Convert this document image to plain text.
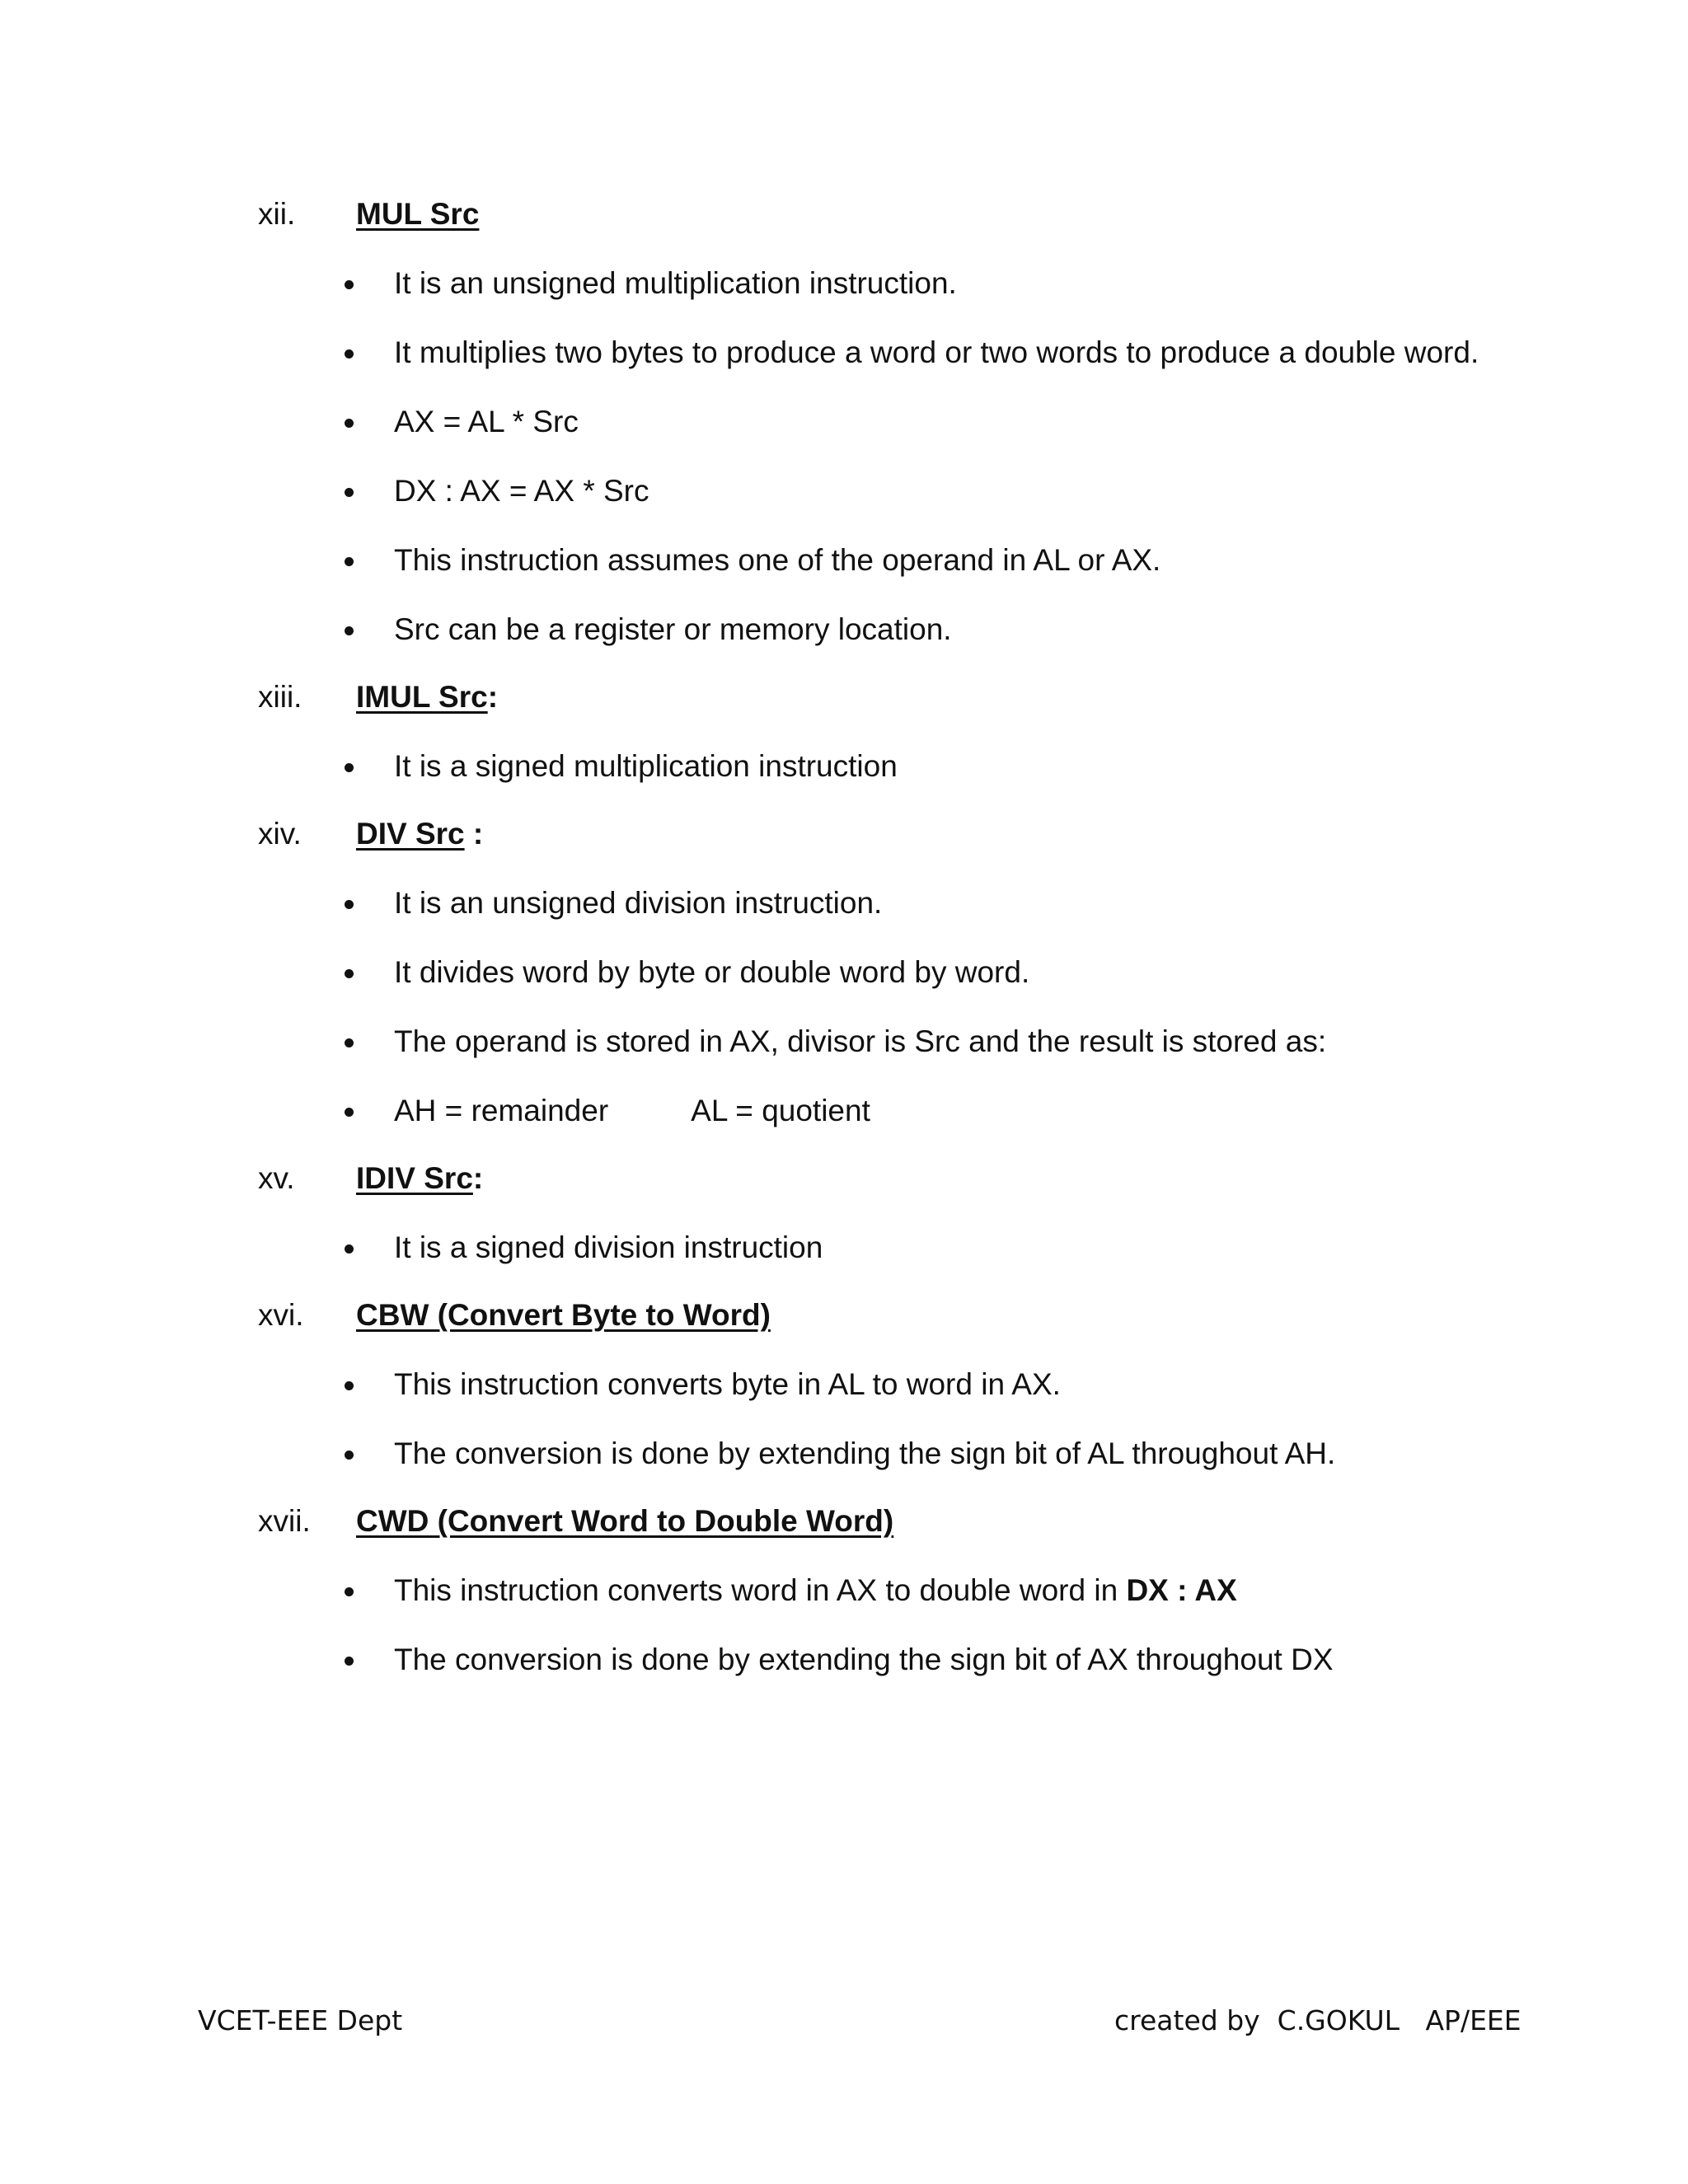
xii. MUL Src
It is an unsigned multiplication instruction.
It multiplies two bytes to produce a word or two words to produce a double word.
AX = AL * Src
DX : AX = AX * Src
This instruction assumes one of the operand in AL or AX.
Src can be a register or memory location.
xiii. IMUL Src:
It is a signed multiplication instruction
xiv. DIV Src :
It is an unsigned division instruction.
It divides word by byte or double word by word.
The operand is stored in AX, divisor is Src and the result is stored as:
AH = remainder	AL = quotient
xv. IDIV Src:
It is a signed division instruction
xvi. CBW (Convert Byte to Word)
This instruction converts byte in AL to word in AX.
The conversion is done by extending the sign bit of AL throughout AH.
xvii. CWD (Convert Word to Double Word)
This instruction converts word in AX to double word in DX : AX
The conversion is done by extending the sign bit of AX throughout DX
VCET-EEE Dept	created by  C.GOKUL   AP/EEE
